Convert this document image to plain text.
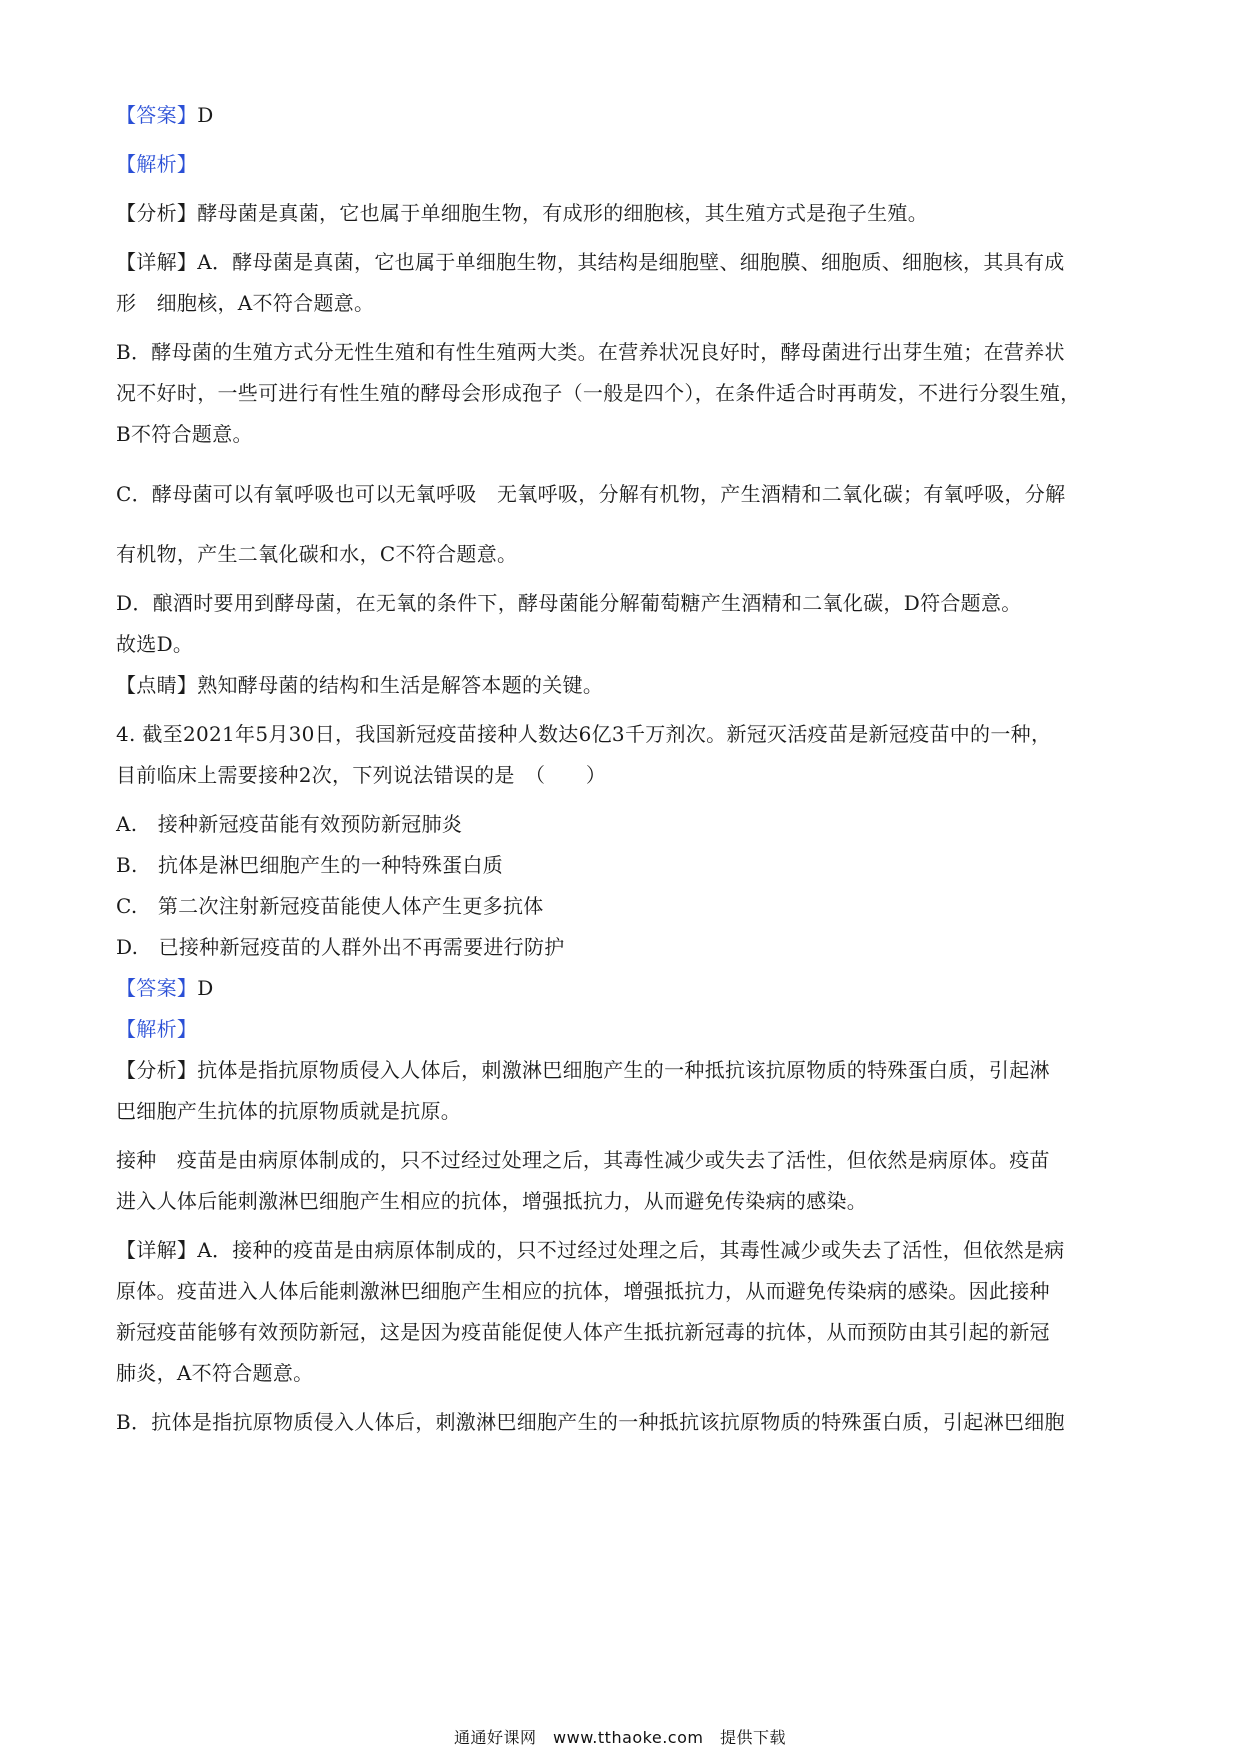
【答案】D

【解析】

【分析】酵母菌是真菌，它也属于单细胞生物，有成形的细胞核，其生殖方式是孢子生殖。

【详解】A．酵母菌是真菌，它也属于单细胞生物，其结构是细胞壁、细胞膜、细胞质、细胞核，其具有成

形　细胞核，A不符合题意。

B．酵母菌的生殖方式分无性生殖和有性生殖两大类。在营养状况良好时，酵母菌进行出芽生殖；在营养状

况不好时，一些可进行有性生殖的酵母会形成孢子（一般是四个），在条件适合时再萌发，不进行分裂生殖，

B不符合题意。

C．酵母菌可以有氧呼吸也可以无氧呼吸　无氧呼吸，分解有机物，产生酒精和二氧化碳；有氧呼吸，分解

有机物，产生二氧化碳和水，C不符合题意。

D．酿酒时要用到酵母菌，在无氧的条件下，酵母菌能分解葡萄糖产生酒精和二氧化碳，D符合题意。

故选D。

【点睛】熟知酵母菌的结构和生活是解答本题的关键。

4. 截至2021年5月30日，我国新冠疫苗接种人数达6亿3千万剂次。新冠灭活疫苗是新冠疫苗中的一种，

目前临床上需要接种2次，下列说法错误的是　（　　）

A.　接种新冠疫苗能有效预防新冠肺炎

B.　抗体是淋巴细胞产生的一种特殊蛋白质

C.　第二次注射新冠疫苗能使人体产生更多抗体

D.　已接种新冠疫苗的人群外出不再需要进行防护

【答案】D

【解析】

【分析】抗体是指抗原物质侵入人体后，刺激淋巴细胞产生的一种抵抗该抗原物质的特殊蛋白质，引起淋

巴细胞产生抗体的抗原物质就是抗原。

接种　疫苗是由病原体制成的，只不过经过处理之后，其毒性减少或失去了活性，但依然是病原体。疫苗

进入人体后能刺激淋巴细胞产生相应的抗体，增强抵抗力，从而避免传染病的感染。

【详解】A．接种的疫苗是由病原体制成的，只不过经过处理之后，其毒性减少或失去了活性，但依然是病

原体。疫苗进入人体后能刺激淋巴细胞产生相应的抗体，增强抵抗力，从而避免传染病的感染。因此接种

新冠疫苗能够有效预防新冠，这是因为疫苗能促使人体产生抵抗新冠毒的抗体，从而预防由其引起的新冠

肺炎，A不符合题意。

B．抗体是指抗原物质侵入人体后，刺激淋巴细胞产生的一种抵抗该抗原物质的特殊蛋白质，引起淋巴细胞

通通好课网　www.tthaoke.com　提供下载
